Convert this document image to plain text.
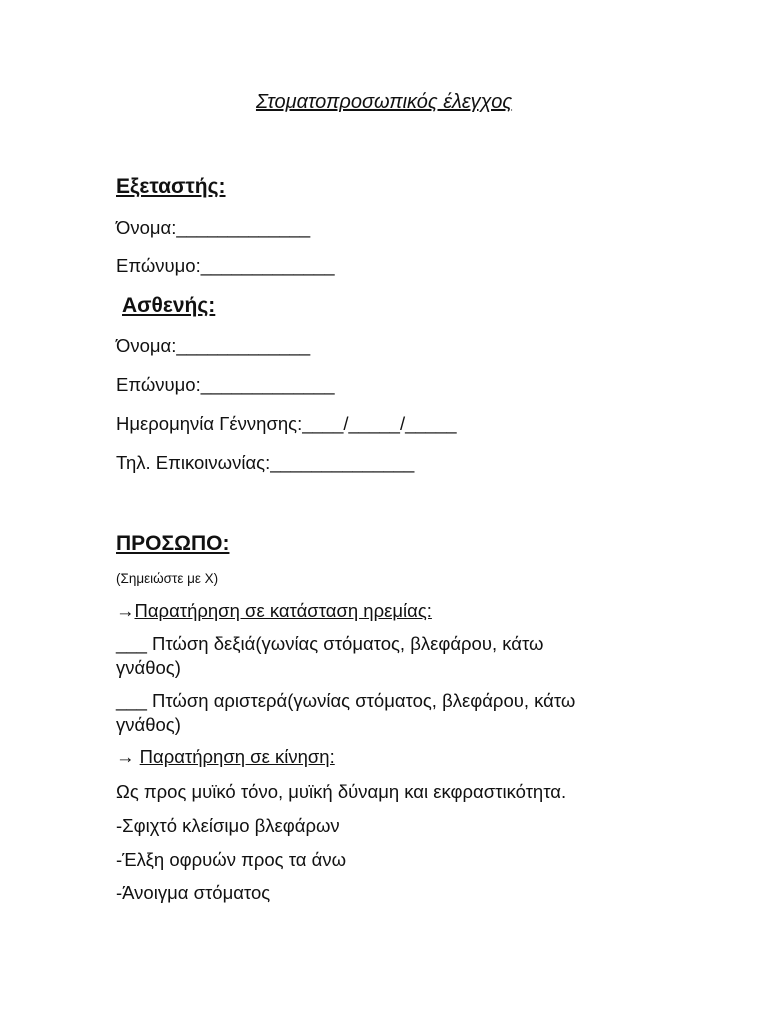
Στοματοπροσωπικός έλεγχος
Εξεταστής:
Όνομα:_____________
Επώνυμο:_____________
Ασθενής:
Όνομα:_____________
Επώνυμο:_____________
Ημερομηνία Γέννησης:____/_____/_____
Τηλ. Επικοινωνίας:______________
ΠΡΟΣΩΠΟ:
(Σημειώστε με Χ)
→Παρατήρηση σε κατάσταση ηρεμίας:
___ Πτώση δεξιά(γωνίας στόματος, βλεφάρου, κάτω
γνάθος)
___ Πτώση αριστερά(γωνίας στόματος, βλεφάρου, κάτω
γνάθος)
→ Παρατήρηση σε κίνηση:
Ως προς μυϊκό τόνο, μυϊκή δύναμη και εκφραστικότητα.
-Σφιχτό κλείσιμο βλεφάρων
-Έλξη οφρυών προς τα άνω
-Άνοιγμα στόματος
